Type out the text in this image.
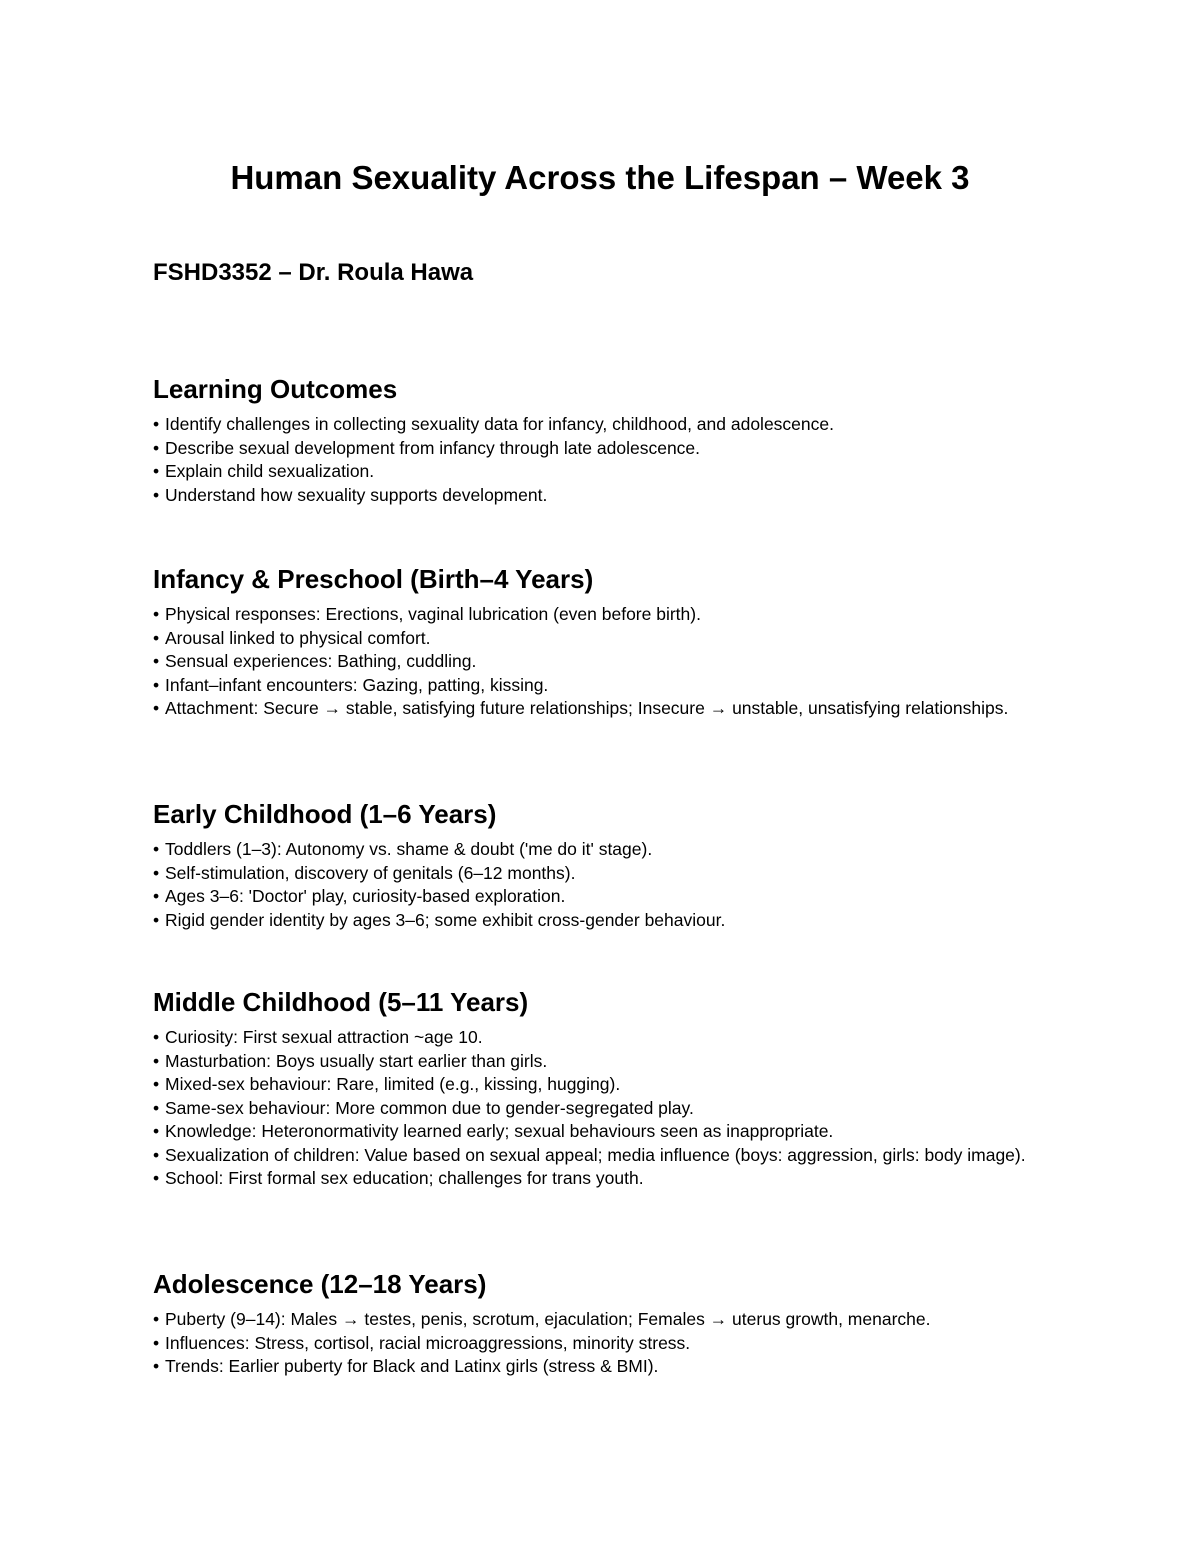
Human Sexuality Across the Lifespan – Week 3
FSHD3352 – Dr. Roula Hawa
Learning Outcomes
• Identify challenges in collecting sexuality data for infancy, childhood, and adolescence.
• Describe sexual development from infancy through late adolescence.
• Explain child sexualization.
• Understand how sexuality supports development.
Infancy & Preschool (Birth–4 Years)
• Physical responses: Erections, vaginal lubrication (even before birth).
• Arousal linked to physical comfort.
• Sensual experiences: Bathing, cuddling.
• Infant–infant encounters: Gazing, patting, kissing.
• Attachment: Secure → stable, satisfying future relationships; Insecure → unstable, unsatisfying relationships.
Early Childhood (1–6 Years)
• Toddlers (1–3): Autonomy vs. shame & doubt ('me do it' stage).
• Self-stimulation, discovery of genitals (6–12 months).
• Ages 3–6: 'Doctor' play, curiosity-based exploration.
• Rigid gender identity by ages 3–6; some exhibit cross-gender behaviour.
Middle Childhood (5–11 Years)
• Curiosity: First sexual attraction ~age 10.
• Masturbation: Boys usually start earlier than girls.
• Mixed-sex behaviour: Rare, limited (e.g., kissing, hugging).
• Same-sex behaviour: More common due to gender-segregated play.
• Knowledge: Heteronormativity learned early; sexual behaviours seen as inappropriate.
• Sexualization of children: Value based on sexual appeal; media influence (boys: aggression, girls: body image).
• School: First formal sex education; challenges for trans youth.
Adolescence (12–18 Years)
• Puberty (9–14): Males → testes, penis, scrotum, ejaculation; Females → uterus growth, menarche.
• Influences: Stress, cortisol, racial microaggressions, minority stress.
• Trends: Earlier puberty for Black and Latinx girls (stress & BMI).
